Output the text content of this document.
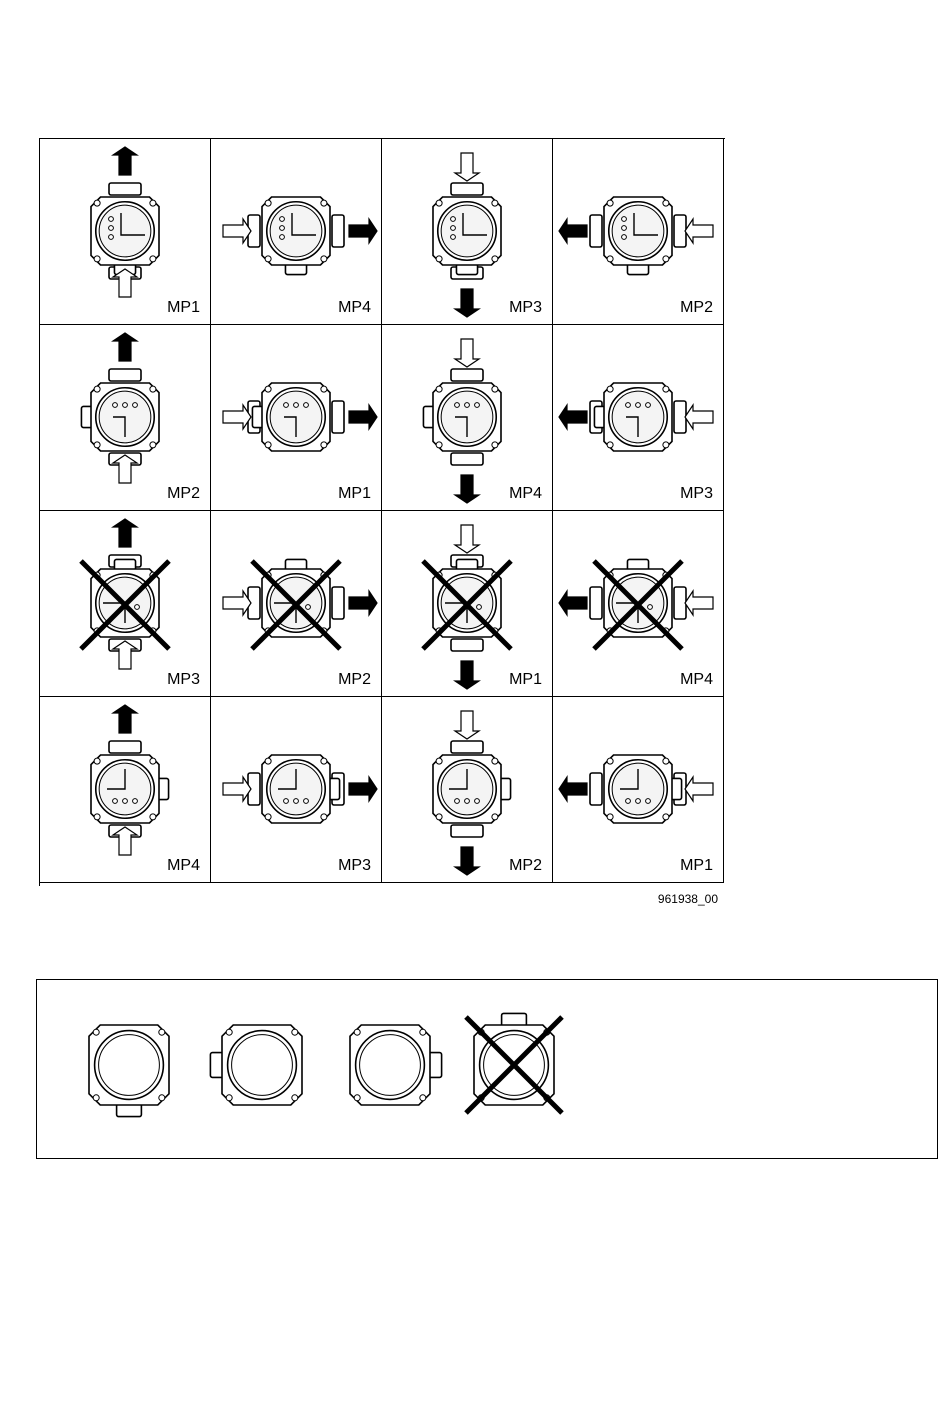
MP1	MP4	MP3	MP2
MP2	MP1	MP4	MP3
MP3	MP2	MP1	MP4
MP4	MP3	MP2	MP1
961938_00
